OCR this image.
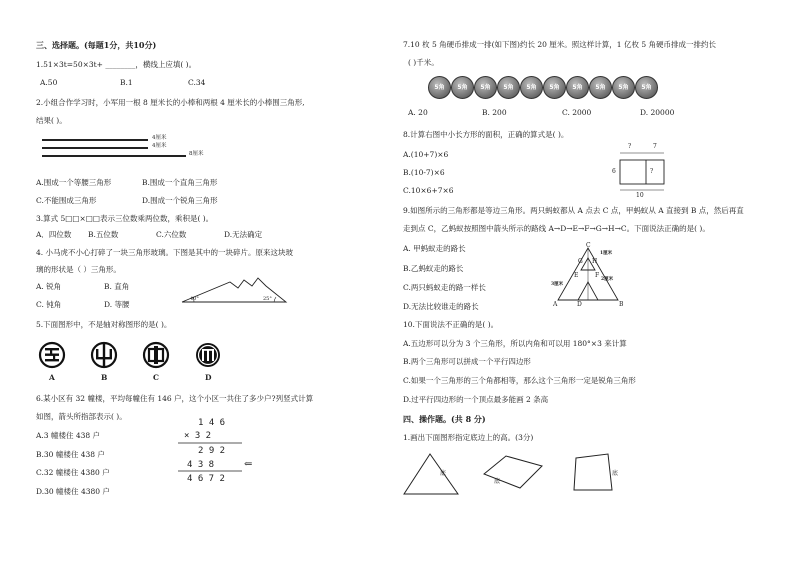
三、选择题。(每题1分，共10分)
1.51×3t=50×3t+ ________，横线上应填( )。
A.50	B.1	C.34
2.小组合作学习时，小军用一根 8 厘米长的小棒和两根 4 厘米长的小棒围三角形,
结果( )。
4厘米
4厘米
8厘米
A.围成一个等腰三角形	B.围成一个直角三角形
C.不能围成三角形	D.围成一个锐角三角形
3.算式 5□□×□□表示三位数乘两位数，乘积是( )。
A．四位数 B.五位数	C.六位数	D.无法确定
4. 小马虎不小心打碎了一块三角形玻璃。下图是其中的一块碎片。原来这块玻
璃的形状是（ ）三角形。
A. 锐角	B. 直角
C. 钝角	D. 等腰
40°	25°
5.下面图形中，不是轴对称图形的是( )。
A	B	C	D
6.某小区有 32 幢楼，平均每幢住有 146 户，这个小区一共住了多少户?列竖式计算
如图，箭头所指部表示( )。
A.3 幢楼住 438 户
B.30 幢楼住 438 户
C.32 幢楼住 4380 户
D.30 幢楼住 4380 户
1 4 6
× 3 2
2 9 2
4 3 8	⇐
4 6 7 2
7.10 枚 5 角硬币排成一排(如下图)约长 20 厘米。照这样计算，1 亿枚 5 角硬币排成一排约长
( )千米。
5角	5角	5角	5角	5角	5角	5角	5角	5角	5角
A. 20	B. 200	C. 2000	D. 20000
8.计算右图中小长方形的面积，正确的算式是( )。
A.(10+7)×6
B.(10-7)×6
C.10×6+7×6
?	7
6	?
10
9.如图所示的三角形都是等边三角形。两只蚂蚁都从 A 点去 C 点，甲蚂蚁从 A 直接到 B 点，然后再直
走到点 C，乙蚂蚁按照图中箭头所示的路线 A→D→E→F→G→H→C。下面说法正确的是( )。
A. 甲蚂蚁走的路长
B.乙蚂蚁走的路长
C.两只蚂蚁走的路一样长
D.无法比较谁走的路长	A	B
C
D
E	F
G H
1厘米
2厘米
3厘米
10.下面说法不正确的是( )。
A.五边形可以分为 3 个三角形，所以内角和可以用 180°×3 来计算
B.两个三角形可以拼成一个平行四边形
C.如果一个三角形的三个角都相等，那么这个三角形一定是锐角三角形
D.过平行四边形的一个顶点最多能画 2 条高
四、操作题。(共 8 分)
1.画出下面图形指定底边上的高。(3分)
底
底
底
